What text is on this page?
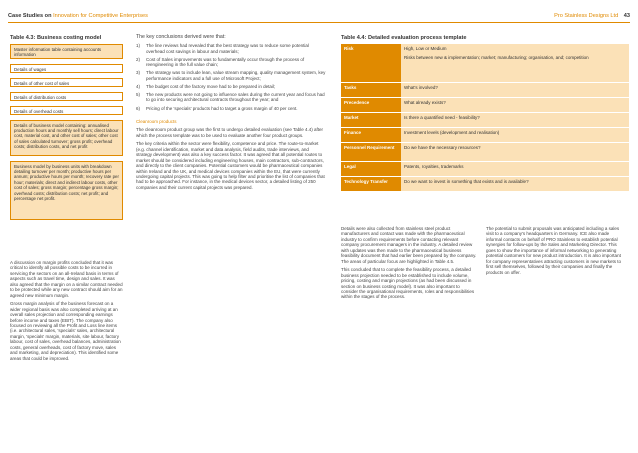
Case Studies on Innovation for Competitive Enterprises	Pro Stainless Designs Ltd 43
Table 4.3: Business costing model
Master information table containing accounts information
Details of wages
Details of other cost of sales
Details of distribution costs
Details of overhead costs
Details of business model containing: annualised production hours and monthly sell hours; direct labour cost, material cost, and other cost of sales; other cost of sales calculated turnover; gross profit; overhead costs; distribution costs, and net profit
Business model by business units with breakdown detailing turnover per month; productive hours per annum; productive hours per month; recovery rate per hour; materials; direct and indirect labour costs, other cost of sales; gross margin; percentage gross margin; overhead costs; distribution costs; net profit; and percentage net profit.

A discussion on margin profits concluded that it was critical to identify all possible costs to be incurred in servicing the sectors on an all-Ireland basis in terms of aspects such as travel time, design and sales. It was also agreed that the margin on a similar contract needed to be protected while any new contract should aim for an agreed new minimum margin.

Gross margin analysis of the business forecast on a wider regional basis was also completed arriving at an overall sales projection and corresponding earnings before income and taxes (EBIT). The company also focused on reviewing all the Profit and Loss line items (i.e. architectural sales, 'specials' sales, architectural margin, 'specials' margin, materials, site labour, factory labour, cost of sales, overhead balances, administration costs, general overheads, cost of factory move, sales and marketing, and depreciation). This identified some areas that could be improved.

The key conclusions derived were that:

1) The line reviews had revealed that the best strategy was to reduce some potential overhead cost savings in labour and materials;
2) Cost of Sales improvements was to fundamentally occur through the process of reengineering in the full value chain;
3) The strategy was to include lean, value stream mapping, quality management system, key performance indicators and a full use of Microsoft Project;
4) The budget cost of the factory move had to be prepared in detail;
5) The new products were not going to influence sales during the current year and focus had to go into securing architectural contracts throughout the year; and
6) Pricing of the 'specials' products had to target a gross margin of 40 per cent.

Cleanroom products

The cleanroom product group was the first to undergo detailed evaluation (see Table 4.4) after which the process template was to be used to evaluate another four product groups.

The key criteria within the sector were flexibility, competence and price. The route-to-market (e.g. channel identification, market and data analysis, field audits, trade interviews, and strategy development) was also a key success factor. It was agreed that all potential routes to market should be considered including engineering houses, main contractors, sub-contractors, and directly to the client companies. Potential customers would be pharmaceutical companies within Ireland and the UK, and medical devices companies within the EU, that were currently undergoing capital projects. This was going to help filter and prioritise the list of companies that had to be approached. For instance, in the medical devices sector, a detailed listing of 250 companies and their current capital projects was prepared.

Table 4.4: Detailed evaluation process template
Risk	High, Low or Medium
Risks between new & implementation; market; manufacturing; organisation, and; competition

Tasks	What's involved?
Precedence	What already exists?
Market	Is there a quantified need - feasibility?
Finance	Investment levels (development and realisation)
Personnel Requirement	Do we have the necessary resources?
Legal	Patents, royalties, trademarks
Technology Transfer	Do we want to invest in something that exists and is available?

Details were also collected from stainless steel product manufacturers and contact was made with the pharmaceutical industry to confirm requirements before contacting relevant company procurement managers in the industry. A detailed review with updates was then made to the pharmaceutical business feasibility document that had earlier been prepared by the company. The areas of particular focus are highlighted in Table 4.5.

This concluded that to complete the feasibility process, a detailed business projection needed to be established to include volume, pricing, costing and margin projections (as had been discussed in section on business costing model). It was also important to consider the organisational requirements, roles and responsibilities within the stages of the process.

The potential to submit proposals was anticipated including a sales visit to a company's headquarters in Germany. ICE also made informal contacts on behalf of PRO Stainless to establish potential synergies for follow-ups by the Sales and Marketing Director. This goes to show the importance of informal networking to generating potential customers for new product introduction. It is also important for company representatives attracting customers in new markets to first sell themselves, followed by their companies and finally the products on offer.
